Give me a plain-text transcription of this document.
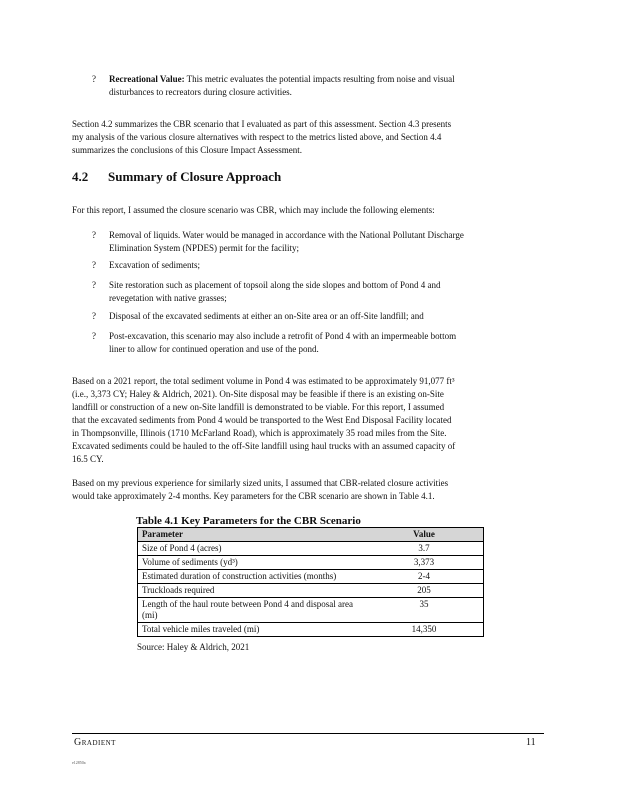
? Recreational Value: This metric evaluates the potential impacts resulting from noise and visual
disturbances to recreators during closure activities.
Section 4.2 summarizes the CBR scenario that I evaluated as part of this assessment. Section 4.3 presents
my analysis of the various closure alternatives with respect to the metrics listed above, and Section 4.4
summarizes the conclusions of this Closure Impact Assessment.
4.2 Summary of Closure Approach
For this report, I assumed the closure scenario was CBR, which may include the following elements:
? Removal of liquids. Water would be managed in accordance with the National Pollutant Discharge
Elimination System (NPDES) permit for the facility;
? Excavation of sediments;
? Site restoration such as placement of topsoil along the side slopes and bottom of Pond 4 and
revegetation with native grasses;
? Disposal of the excavated sediments at either an on-Site area or an off-Site landfill; and
? Post-excavation, this scenario may also include a retrofit of Pond 4 with an impermeable bottom
liner to allow for continued operation and use of the pond.
Based on a 2021 report, the total sediment volume in Pond 4 was estimated to be approximately 91,077 ft³
(i.e., 3,373 CY; Haley & Aldrich, 2021). On-Site disposal may be feasible if there is an existing on-Site
landfill or construction of a new on-Site landfill is demonstrated to be viable. For this report, I assumed
that the excavated sediments from Pond 4 would be transported to the West End Disposal Facility located
in Thompsonville, Illinois (1710 McFarland Road), which is approximately 35 road miles from the Site.
Excavated sediments could be hauled to the off-Site landfill using haul trucks with an assumed capacity of
16.5 CY.
Based on my previous experience for similarly sized units, I assumed that CBR-related closure activities
would take approximately 2-4 months. Key parameters for the CBR scenario are shown in Table 4.1.
Table 4.1 Key Parameters for the CBR Scenario
Parameter	Value
Size of Pond 4 (acres)	3.7
Volume of sediments (yd³)	3,373
Estimated duration of construction activities (months)	2-4
Truckloads required	205
Length of the haul route between Pond 4 and disposal area (mi)	35
Total vehicle miles traveled (mi)	14,350
Source: Haley & Aldrich, 2021
Gradient	11
e12850a
